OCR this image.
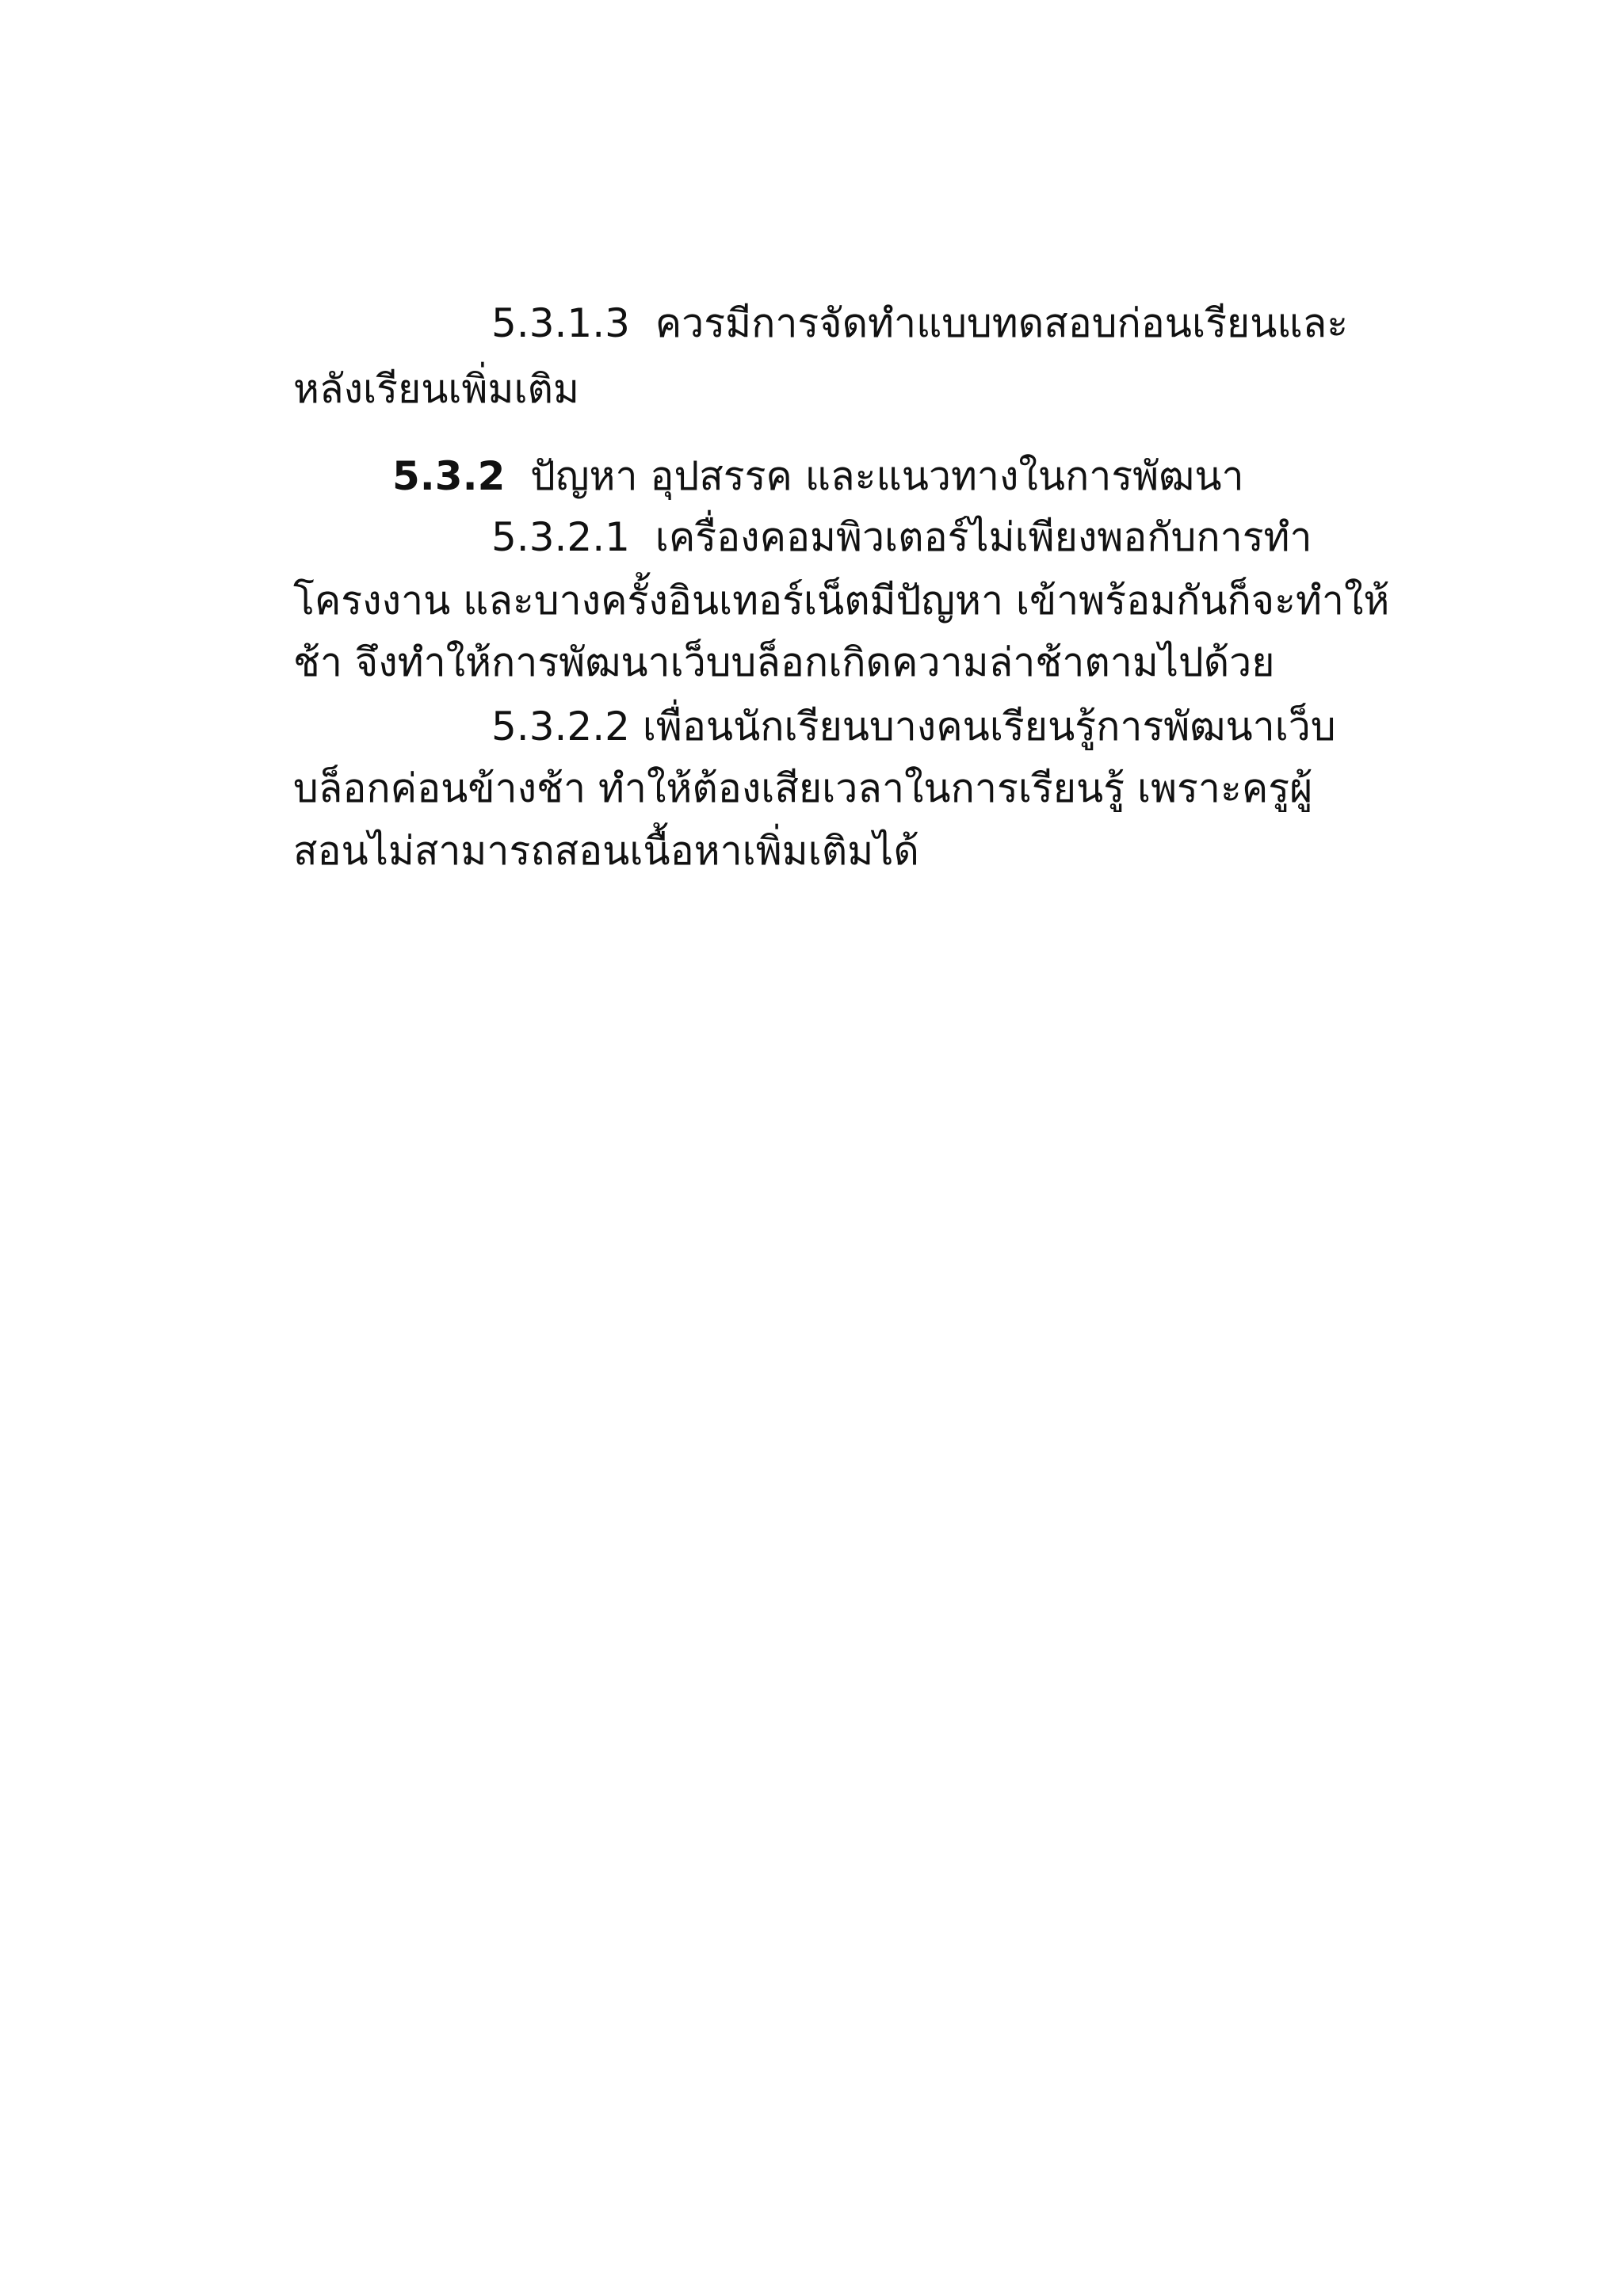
5.3.1.3 ควรมีการจัดทำแบบทดสอบก่อนเรียนและ

หลังเรียนเพิ่มเติม

5.3.2 ปัญหา อุปสรรค และแนวทางในการพัฒนา

5.3.2.1 เครื่องคอมพิวเตอร์ไม่เพียงพอกับการทำ

โครงงาน และบางครั้งอินเทอร์เน็ตมีปัญหา เข้าพร้อมกันก็จะทำให้

ช้า จึงทำให้การพัฒนาเว็บบล็อกเกิดความล่าช้าตามไปด้วย

5.3.2.2 เพื่อนนักเรียนบางคนเรียนรู้การพัฒนาเว็บ

บล็อกค่อนข้างช้า ทำให้ต้องเสียเวลาในการเรียนรู้ เพราะครูผู้

สอนไม่สามารถสอนเนื้อหาเพิ่มเติมได้
